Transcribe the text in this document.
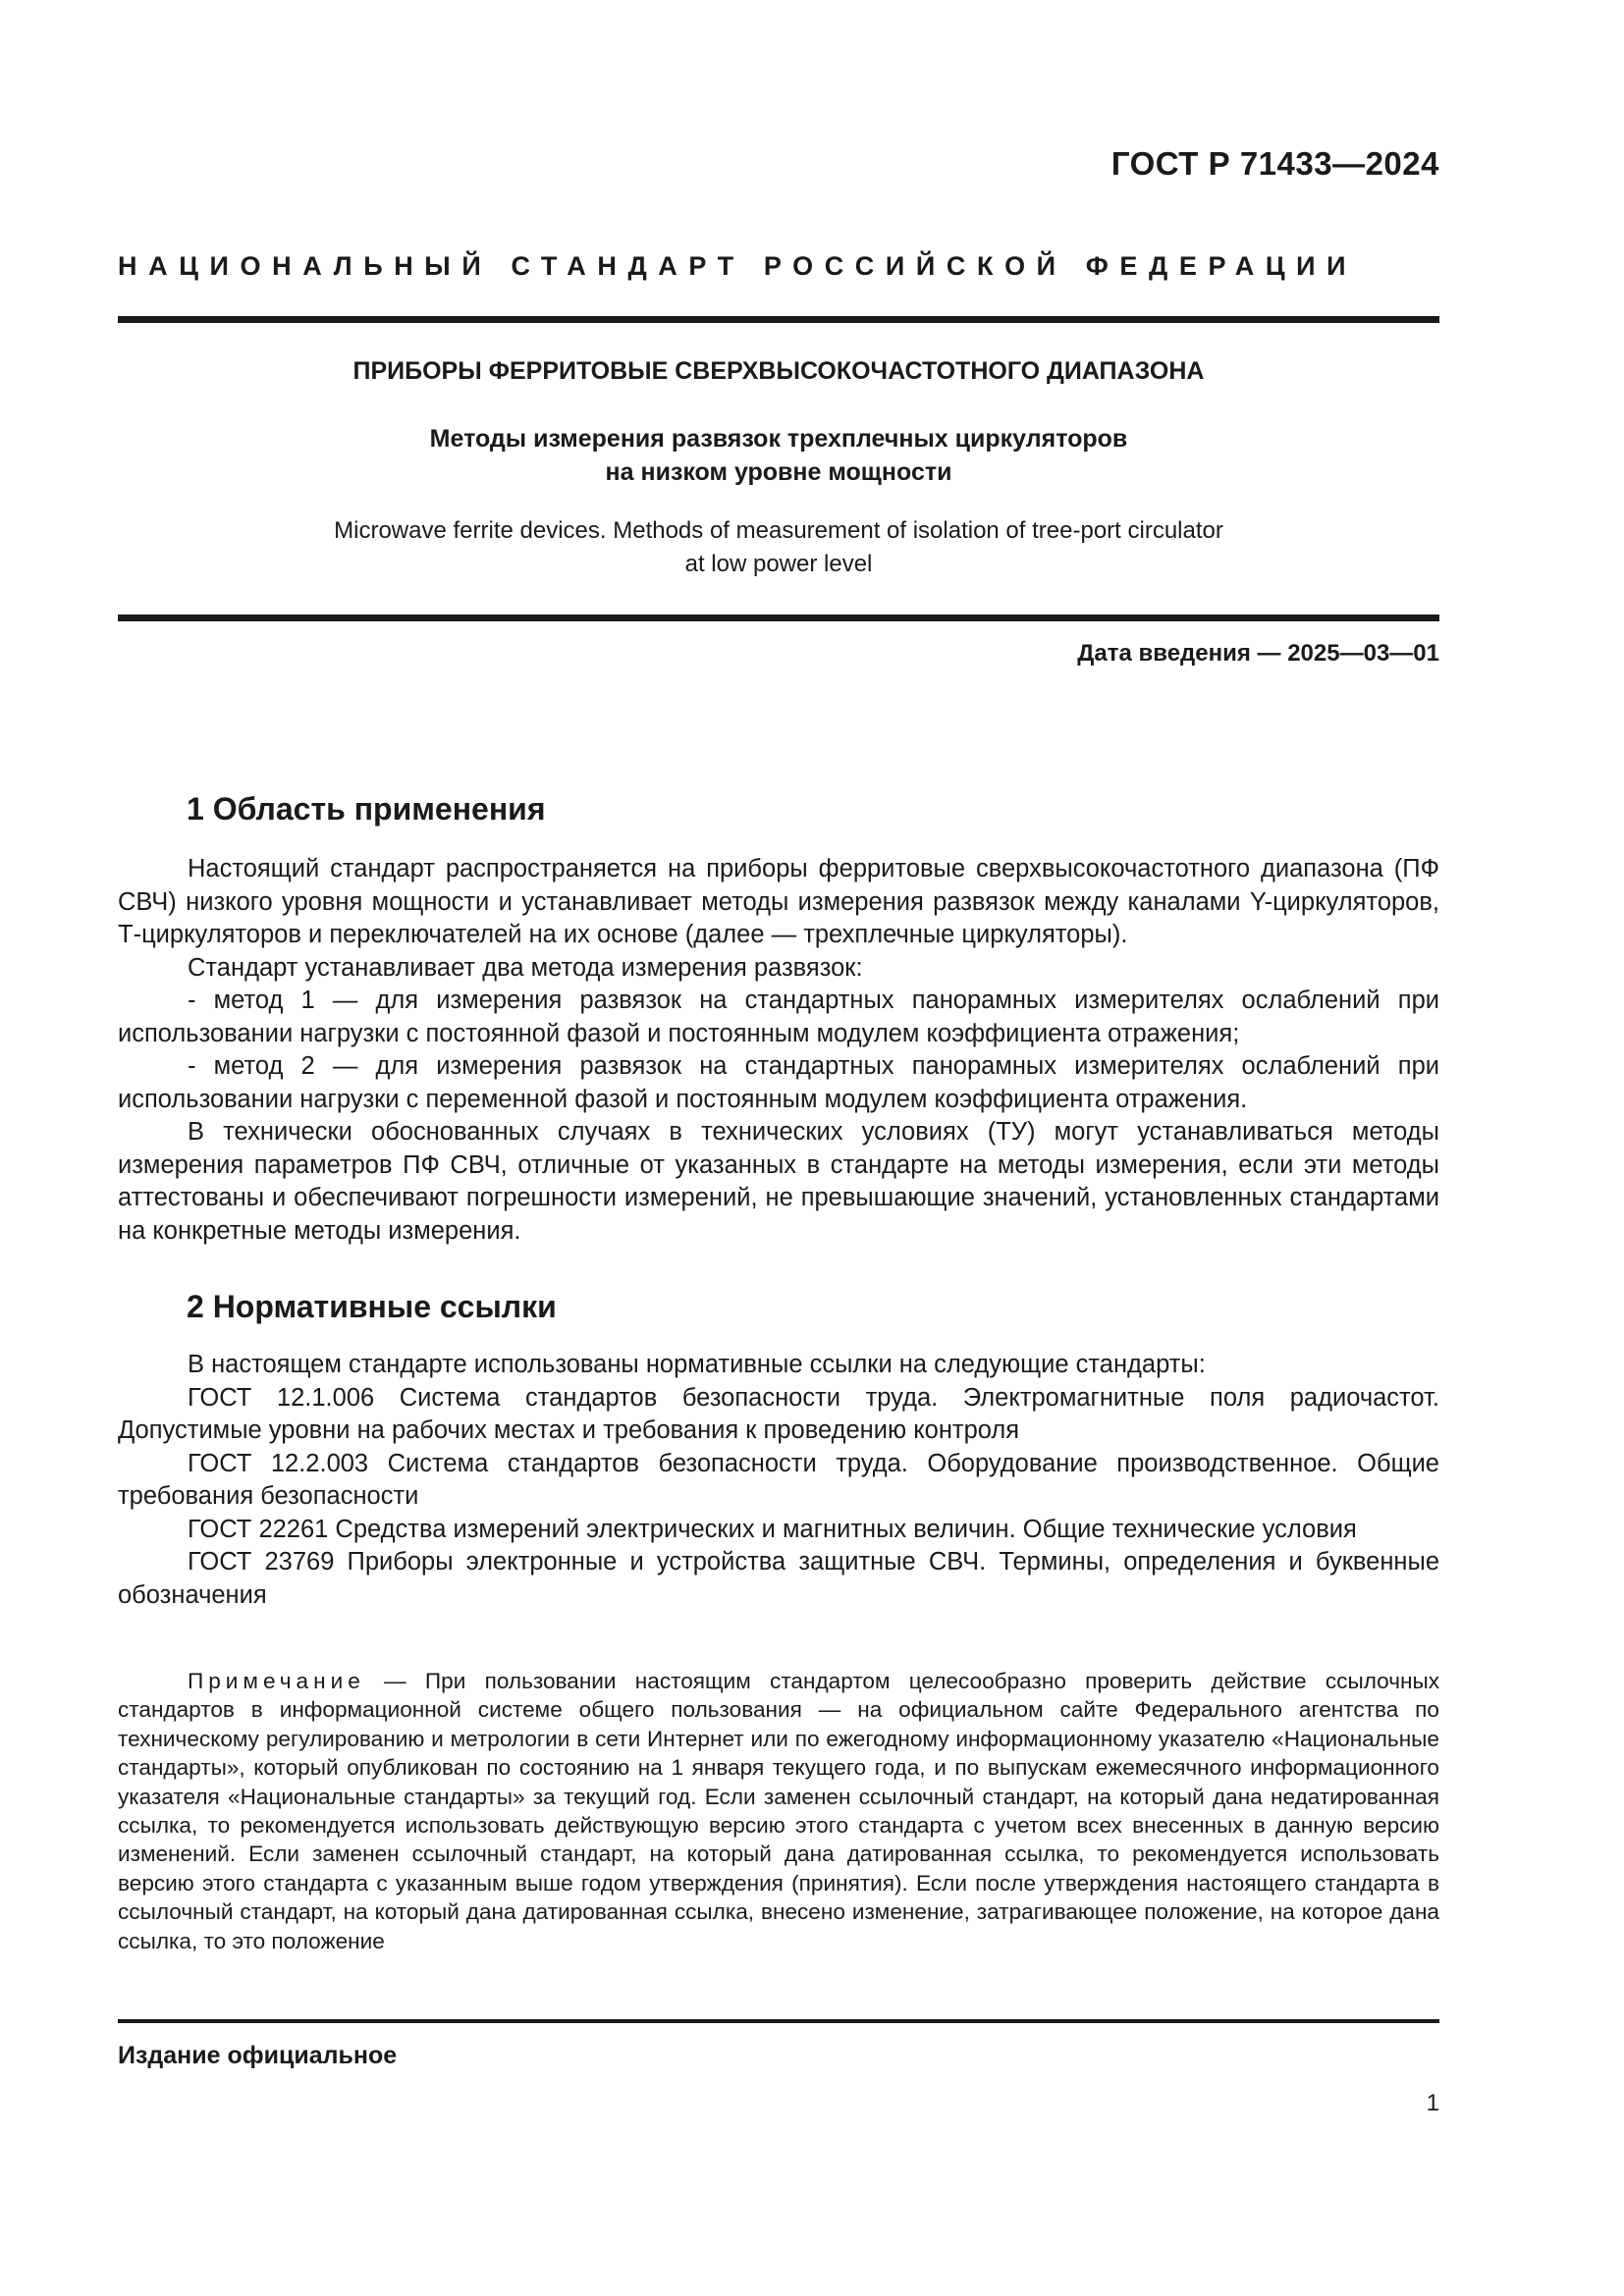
ГОСТ Р 71433—2024
НАЦИОНАЛЬНЫЙ СТАНДАРТ РОССИЙСКОЙ ФЕДЕРАЦИИ
ПРИБОРЫ ФЕРРИТОВЫЕ СВЕРХВЫСОКОЧАСТОТНОГО ДИАПАЗОНА
Методы измерения развязок трехплечных циркуляторов
на низком уровне мощности
Microwave ferrite devices. Methods of measurement of isolation of tree-port circulator
at low power level
Дата введения — 2025—03—01
1 Область применения

Настоящий стандарт распространяется на приборы ферритовые сверхвысокочастотного диапазона (ПФ СВЧ) низкого уровня мощности и устанавливает методы измерения развязок между каналами Y-циркуляторов, Т-циркуляторов и переключателей на их основе (далее — трехплечные циркуляторы).

Стандарт устанавливает два метода измерения развязок:

- метод 1 — для измерения развязок на стандартных панорамных измерителях ослаблений при использовании нагрузки с постоянной фазой и постоянным модулем коэффициента отражения;

- метод 2 — для измерения развязок на стандартных панорамных измерителях ослаблений при использовании нагрузки с переменной фазой и постоянным модулем коэффициента отражения.

В технически обоснованных случаях в технических условиях (ТУ) могут устанавливаться методы измерения параметров ПФ СВЧ, отличные от указанных в стандарте на методы измерения, если эти методы аттестованы и обеспечивают погрешности измерений, не превышающие значений, установленных стандартами на конкретные методы измерения.

2 Нормативные ссылки

В настоящем стандарте использованы нормативные ссылки на следующие стандарты:

ГОСТ 12.1.006 Система стандартов безопасности труда. Электромагнитные поля радиочастот. Допустимые уровни на рабочих местах и требования к проведению контроля

ГОСТ 12.2.003 Система стандартов безопасности труда. Оборудование производственное. Общие требования безопасности

ГОСТ 22261 Средства измерений электрических и магнитных величин. Общие технические условия

ГОСТ 23769 Приборы электронные и устройства защитные СВЧ. Термины, определения и буквенные обозначения

Примечание — При пользовании настоящим стандартом целесообразно проверить действие ссылочных стандартов в информационной системе общего пользования — на официальном сайте Федерального агентства по техническому регулированию и метрологии в сети Интернет или по ежегодному информационному указателю «Национальные стандарты», который опубликован по состоянию на 1 января текущего года, и по выпускам ежемесячного информационного указателя «Национальные стандарты» за текущий год. Если заменен ссылочный стандарт, на который дана недатированная ссылка, то рекомендуется использовать действующую версию этого стандарта с учетом всех внесенных в данную версию изменений. Если заменен ссылочный стандарт, на который дана датированная ссылка, то рекомендуется использовать версию этого стандарта с указанным выше годом утверждения (принятия). Если после утверждения настоящего стандарта в ссылочный стандарт, на который дана датированная ссылка, внесено изменение, затрагивающее положение, на которое дана ссылка, то это положение

Издание официальное
1
